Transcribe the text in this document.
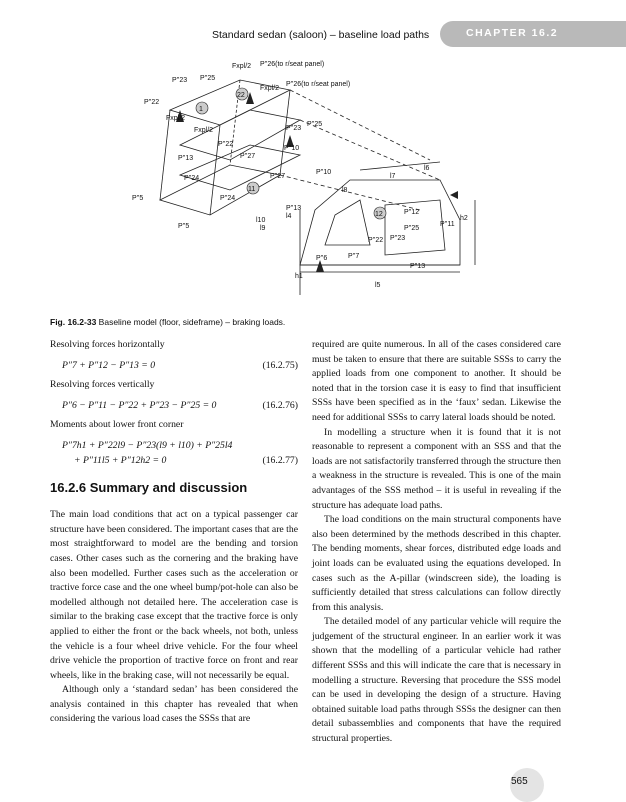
Standard sedan (saloon) – baseline load paths	CHAPTER 16.2
1
22
11
12
Fxpl/2 P''26(to r/seat panel)
P''23 P''25
P''26(to r/seat panel)
Fxpl/2
P''22
Fxpl/2
Fxpl/2	P''23
P''25
P''22
P''10
P''13	P''27
P''27
P''10
P''24
P''24
P''5
P''13
l10
l4
l9
P''5
l7
l8
l6
P''12
P''25
P''11
h2
P''22 P''23
P''7
P''6
P''13
h1
l5
Fig. 16.2-33 Baseline model (floor, sideframe) – braking loads.

Resolving forces horizontally

P″7 + P″12 − P″13 = 0	(16.2.75)

Resolving forces vertically

P″6 − P″11 − P″22 + P″23 − P″25 = 0	(16.2.76)

Moments about lower front corner

P″7h1 + P″22l9 − P″23(l9 + l10) + P″25l4
+ P″11l5 + P″12h2 = 0	(16.2.77)
16.2.6 Summary and discussion

The main load conditions that act on a typical passenger car structure have been considered. The important cases that are the most straightforward to model are the bending and torsion cases. Other cases such as the cornering and the braking have also been modelled. Further cases such as the acceleration or tractive force case and the one wheel bump/pot-hole can also be modelled although not detailed here. The acceleration case is similar to the braking case except that the tractive force is only applied to either the front or the back wheels, not both, unless the vehicle is a four wheel drive vehicle. For the four wheel drive vehicle the proportion of tractive force on front and rear wheels, like in the braking case, will not necessarily be equal.

Although only a ‘standard sedan’ has been considered the analysis contained in this chapter has revealed that when considering the various load cases the SSSs that are

required are quite numerous. In all of the cases considered care must be taken to ensure that there are suitable SSSs to carry the applied loads from one component to another. It should be noted that in the torsion case it is easy to find that insufficient SSSs have been specified as in the ‘faux’ sedan. Likewise the need for additional SSSs to carry lateral loads should be noted.

In modelling a structure when it is found that it is not reasonable to represent a component with an SSS and that the loads are not satisfactorily transferred through the structure then a weakness in the structure is revealed. This is one of the main advantages of the SSS method – it is useful in revealing if the structure has adequate load paths.

The load conditions on the main structural components have also been determined by the methods described in this chapter. The bending moments, shear forces, distributed edge loads and joint loads can be evaluated using the equations developed. In cases such as the A-pillar (windscreen side), the loading is sufficiently detailed that stress calculations can follow directly from this analysis.

The detailed model of any particular vehicle will require the judgement of the structural engineer. In an earlier work it was shown that the modelling of a particular vehicle had rather different SSSs and this will indicate the care that is necessary in modelling a structure. Reversing that procedure the SSS model can be used in developing the design of a structure. Having obtained suitable load paths through SSSs the designer can then detail subassemblies and components that have the required structural properties.

565
